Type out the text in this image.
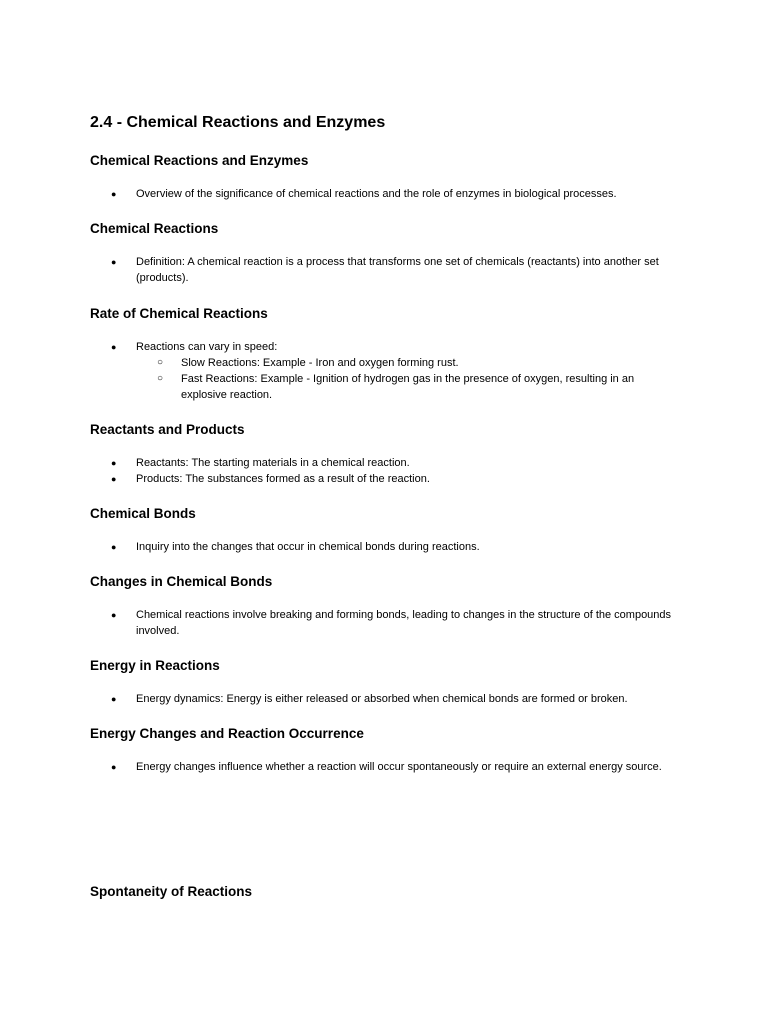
2.4 - Chemical Reactions and Enzymes
Chemical Reactions and Enzymes
● Overview of the significance of chemical reactions and the role of enzymes in biological processes.
Chemical Reactions
● Definition: A chemical reaction is a process that transforms one set of chemicals (reactants) into another set (products).
Rate of Chemical Reactions
● Reactions can vary in speed:
○ Slow Reactions: Example - Iron and oxygen forming rust.
○ Fast Reactions: Example - Ignition of hydrogen gas in the presence of oxygen, resulting in an explosive reaction.
Reactants and Products
● Reactants: The starting materials in a chemical reaction.
● Products: The substances formed as a result of the reaction.
Chemical Bonds
● Inquiry into the changes that occur in chemical bonds during reactions.
Changes in Chemical Bonds
● Chemical reactions involve breaking and forming bonds, leading to changes in the structure of the compounds involved.
Energy in Reactions
● Energy dynamics: Energy is either released or absorbed when chemical bonds are formed or broken.
Energy Changes and Reaction Occurrence
● Energy changes influence whether a reaction will occur spontaneously or require an external energy source.
Spontaneity of Reactions
